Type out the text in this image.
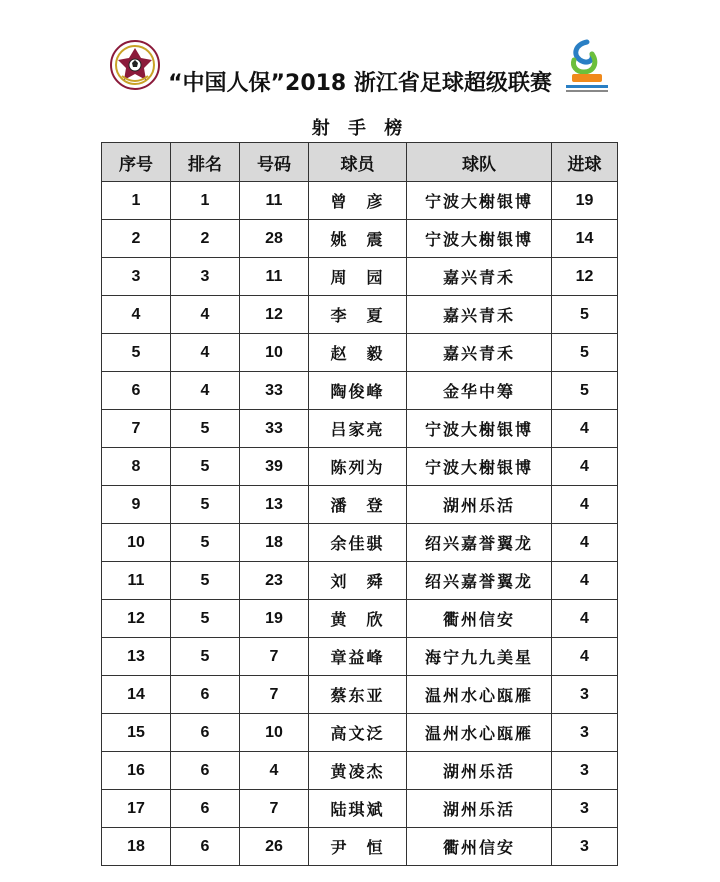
“中国人保”2018 浙江省足球超级联赛
射 手 榜
序号	排名	号码	球员	球队	进球
1	1	11	曾　彦	宁波大榭银博	19
2	2	28	姚　震	宁波大榭银博	14
3	3	11	周　园	嘉兴青禾	12
4	4	12	李　夏	嘉兴青禾	5
5	4	10	赵　毅	嘉兴青禾	5
6	4	33	陶俊峰	金华中筹	5
7	5	33	吕家亮	宁波大榭银博	4
8	5	39	陈列为	宁波大榭银博	4
9	5	13	潘　登	湖州乐活	4
10	5	18	余佳骐	绍兴嘉誉翼龙	4
11	5	23	刘　舜	绍兴嘉誉翼龙	4
12	5	19	黄　欣	衢州信安	4
13	5	7	章益峰	海宁九九美星	4
14	6	7	蔡东亚	温州水心瓯雁	3
15	6	10	高文泛	温州水心瓯雁	3
16	6	4	黄凌杰	湖州乐活	3
17	6	7	陆琪斌	湖州乐活	3
18	6	26	尹　恒	衢州信安	3
